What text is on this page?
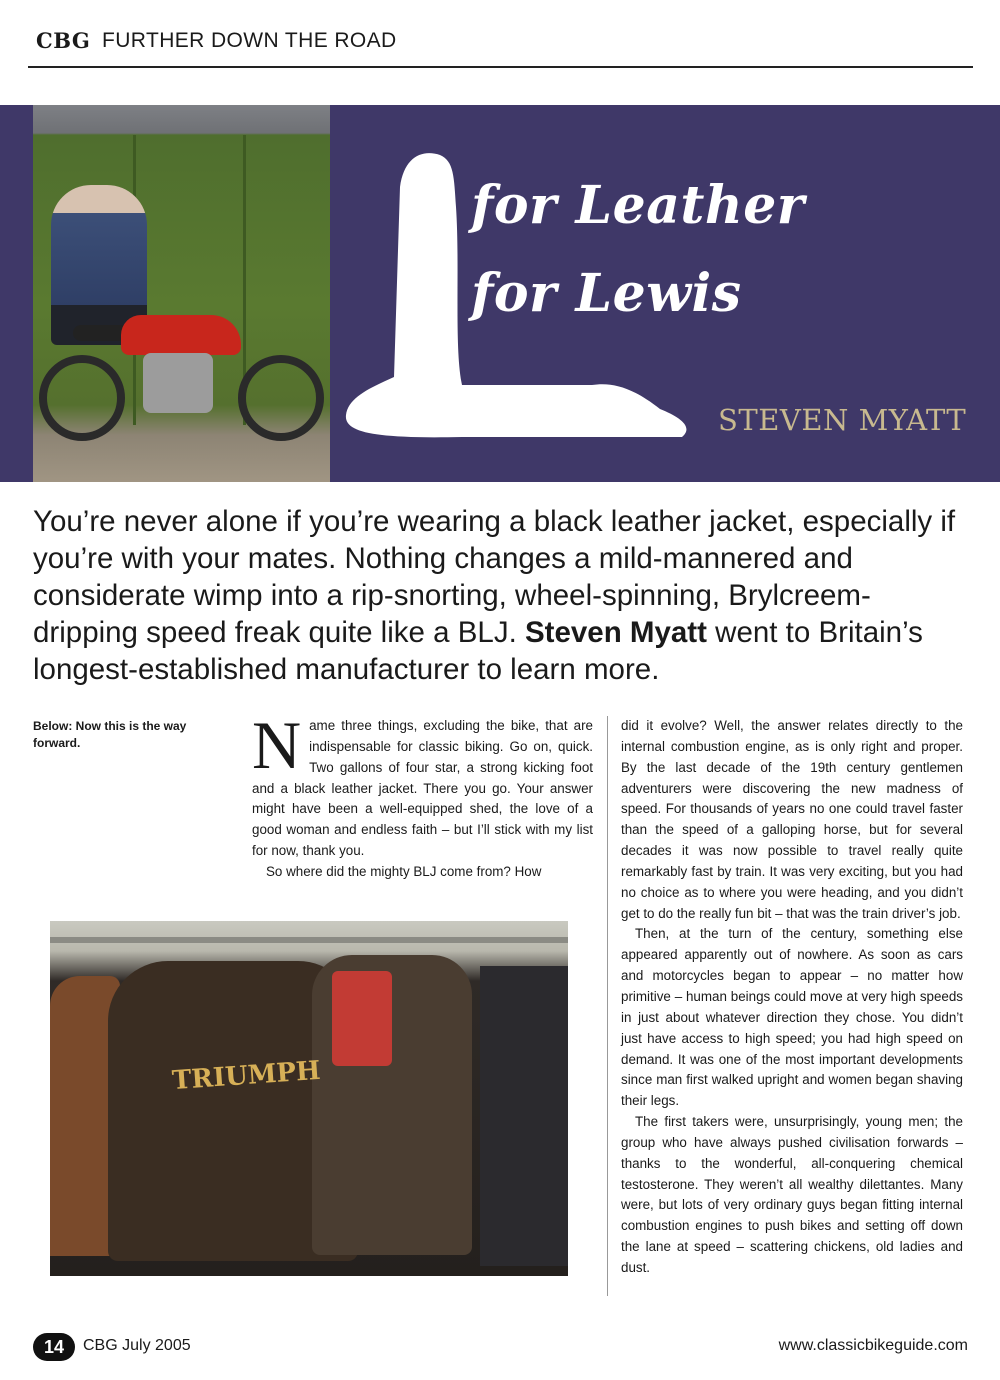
CBG FURTHER DOWN THE ROAD
for Leather
for Lewis
STEVEN MYATT
You’re never alone if you’re wearing a black leather jacket, especially if you’re with your mates. Nothing changes a mild-mannered and considerate wimp into a rip-snorting, wheel-spinning, Brylcreem-dripping speed freak quite like a BLJ. Steven Myatt went to Britain’s longest-established manufacturer to learn more.
Below: Now this is the way forward.	Name three things, excluding the bike, that are indispensable for classic biking. Go on, quick. Two gallons of four star, a strong kicking foot and a black leather jacket. There you go. Your answer might have been a well-equipped shed, the love of a good woman and endless faith – but I’ll stick with my list for now, thank you.

So where did the mighty BLJ come from? How

did it evolve? Well, the answer relates directly to the internal combustion engine, as is only right and proper. By the last decade of the 19th century gentlemen adventurers were discovering the new madness of speed. For thousands of years no one could travel faster than the speed of a galloping horse, but for several decades it was now possible to travel really quite remarkably fast by train. It was very exciting, but you had no choice as to where you were heading, and you didn’t get to do the really fun bit – that was the train driver’s job.

Then, at the turn of the century, something else appeared apparently out of nowhere. As soon as cars and motorcycles began to appear – no matter how primitive – human beings could move at very high speeds in just about whatever direction they chose. You didn’t just have access to high speed; you had high speed on demand. It was one of the most important developments since man first walked upright and women began shaving their legs.

The first takers were, unsurprisingly, young men; the group who have always pushed civilisation forwards – thanks to the wonderful, all-conquering chemical testosterone. They weren’t all wealthy dilettantes. Many were, but lots of very ordinary guys began fitting internal combustion engines to push bikes and setting off down the lane at speed – scattering chickens, old ladies and dust.

TRIUMPH
14	CBG July 2005	www.classicbikeguide.com
